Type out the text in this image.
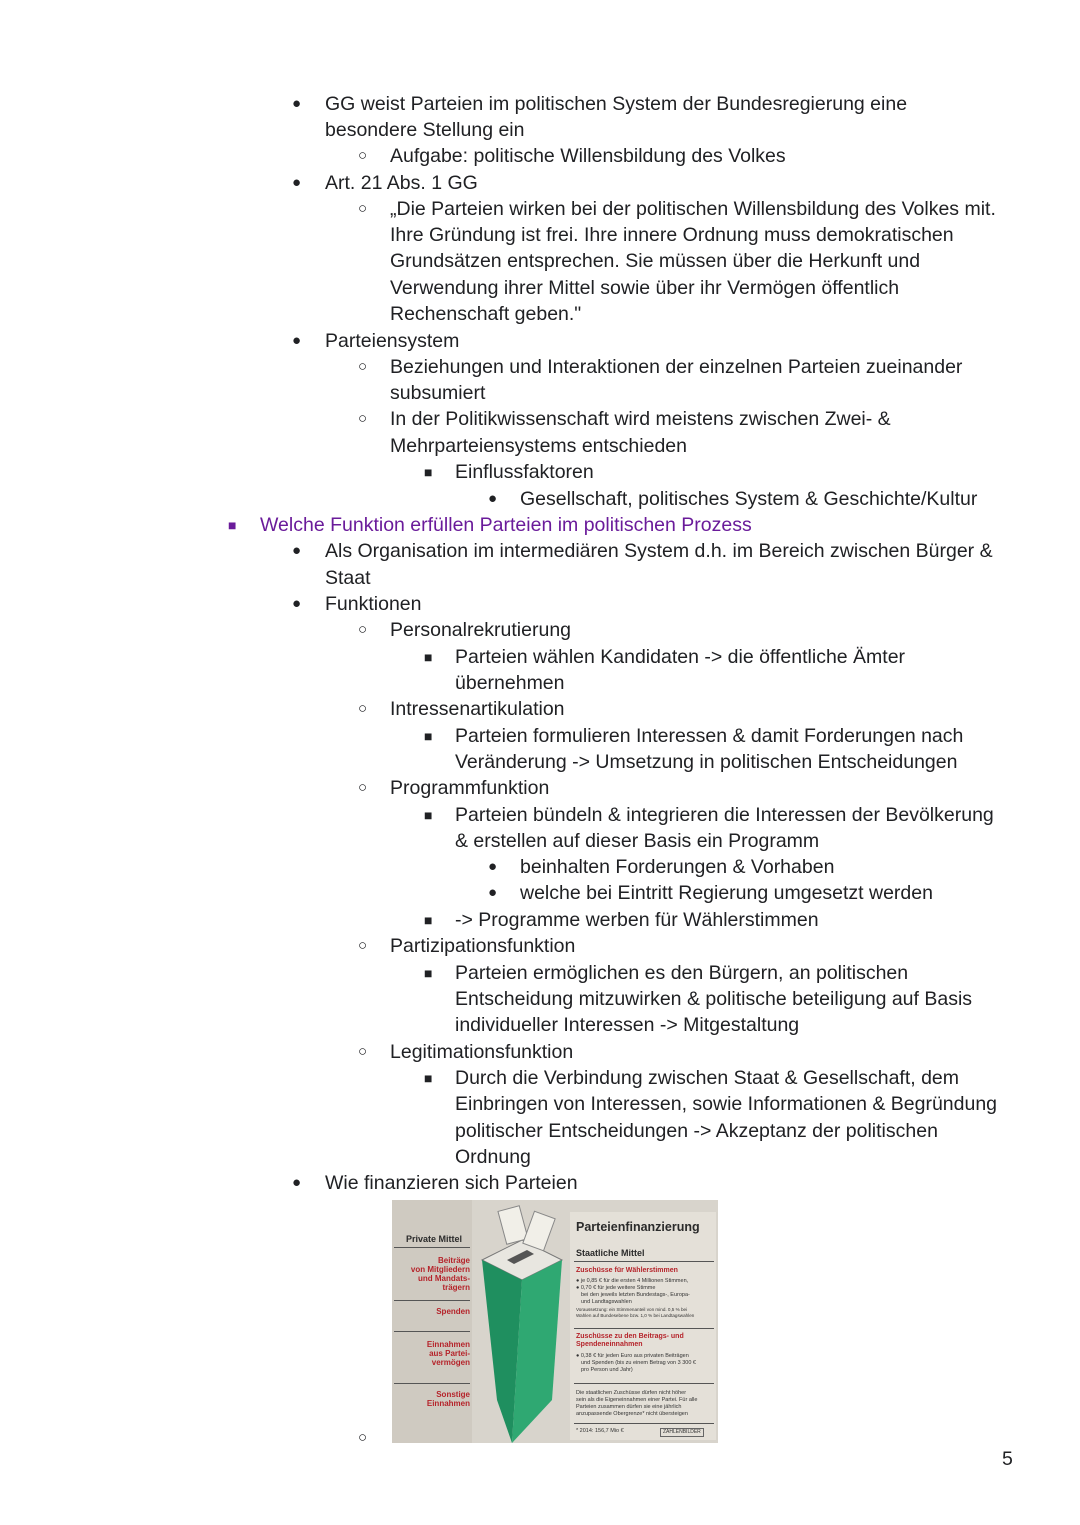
● GG weist Parteien im politischen System der Bundesregierung eine
besondere Stellung ein
○ Aufgabe: politische Willensbildung des Volkes
● Art. 21 Abs. 1 GG
○ „Die Parteien wirken bei der politischen Willensbildung des Volkes mit.
Ihre Gründung ist frei. Ihre innere Ordnung muss demokratischen
Grundsätzen entsprechen. Sie müssen über die Herkunft und
Verwendung ihrer Mittel sowie über ihr Vermögen öffentlich
Rechenschaft geben."
● Parteiensystem
○ Beziehungen und Interaktionen der einzelnen Parteien zueinander
subsumiert
○ In der Politikwissenschaft wird meistens zwischen Zwei- &
Mehrparteiensystems entschieden
■ Einflussfaktoren
● Gesellschaft, politisches System & Geschichte/Kultur
■ Welche Funktion erfüllen Parteien im politischen Prozess
● Als Organisation im intermediären System d.h. im Bereich zwischen Bürger &
Staat
● Funktionen
○ Personalrekrutierung
■ Parteien wählen Kandidaten -> die öffentliche Ämter
übernehmen
○ Intressenartikulation
■ Parteien formulieren Interessen & damit Forderungen nach
Veränderung -> Umsetzung in politischen Entscheidungen
○ Programmfunktion
■ Parteien bündeln & integrieren die Interessen der Bevölkerung
& erstellen auf dieser Basis ein Programm
● beinhalten Forderungen & Vorhaben
● welche bei Eintritt Regierung umgesetzt werden
■ -> Programme werben für Wählerstimmen
○ Partizipationsfunktion
■ Parteien ermöglichen es den Bürgern, an politischen
Entscheidung mitzuwirken & politische beteiligung auf Basis
individueller Interessen -> Mitgestaltung
○ Legitimationsfunktion
■ Durch die Verbindung zwischen Staat & Gesellschaft, dem
Einbringen von Interessen, sowie Informationen & Begründung
politischer Entscheidungen -> Akzeptanz der politischen
Ordnung
● Wie finanzieren sich Parteien
○
Private Mittel
Beiträge
von Mitgliedern
und Mandats-
trägern
Spenden
Einnahmen
aus Partei-
vermögen
Sonstige
Einnahmen
Parteienfinanzierung
Staatliche Mittel
Zuschüsse für Wählerstimmen
● je 0,85 € für die ersten 4 Millionen Stimmen,
● 0,70 € für jede weitere Stimme
bei den jeweils letzten Bundestags-, Europa-
und Landtagswahlen
Voraussetzung: ein Stimmenanteil von mind. 0,5 % bei
Wahlen auf Bundesebene bzw. 1,0 % bei Landtagswahlen
Zuschüsse zu den Beitrags- und
Spendeneinnahmen
● 0,38 € für jeden Euro aus privaten Beiträgen
und Spenden (bis zu einem Betrag von 3 300 €
pro Person und Jahr)
Die staatlichen Zuschüsse dürfen nicht höher
sein als die Eigeneinnahmen einer Partei. Für alle
Parteien zusammen dürfen sie eine jährlich
anzupassende Obergrenze* nicht übersteigen
* 2014: 156,7 Mio €	ZAHLENBILDER
5
